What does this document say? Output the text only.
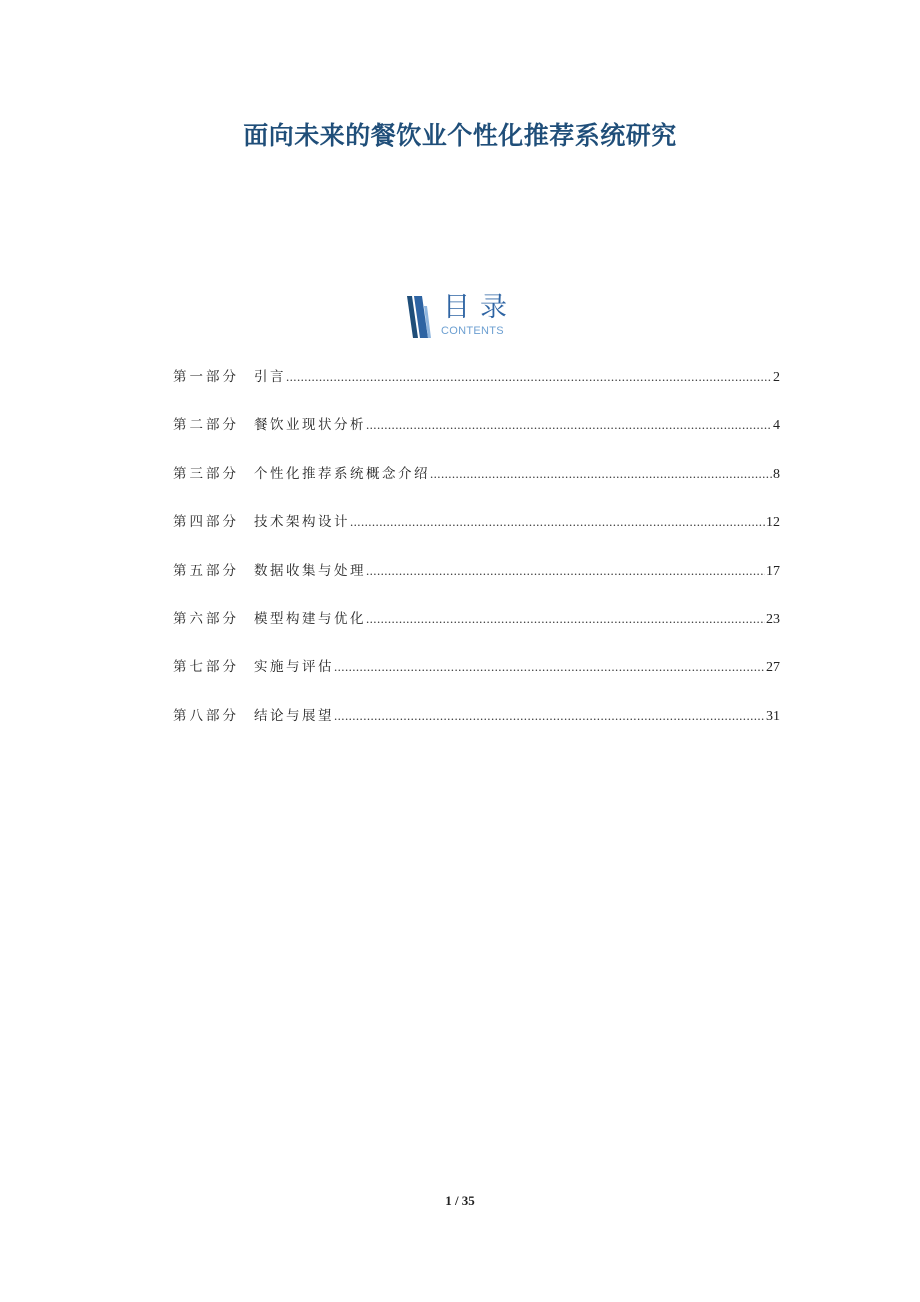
面向未来的餐饮业个性化推荐系统研究
目录
CONTENTS
第一部分	引言 .....	2
第二部分	餐饮业现状分析 .....	4
第三部分	个性化推荐系统概念介绍 .....	8
第四部分	技术架构设计 .....	12
第五部分	数据收集与处理 .....	17
第六部分	模型构建与优化 .....	23
第七部分	实施与评估 .....	27
第八部分	结论与展望 .....	31
1 / 35
